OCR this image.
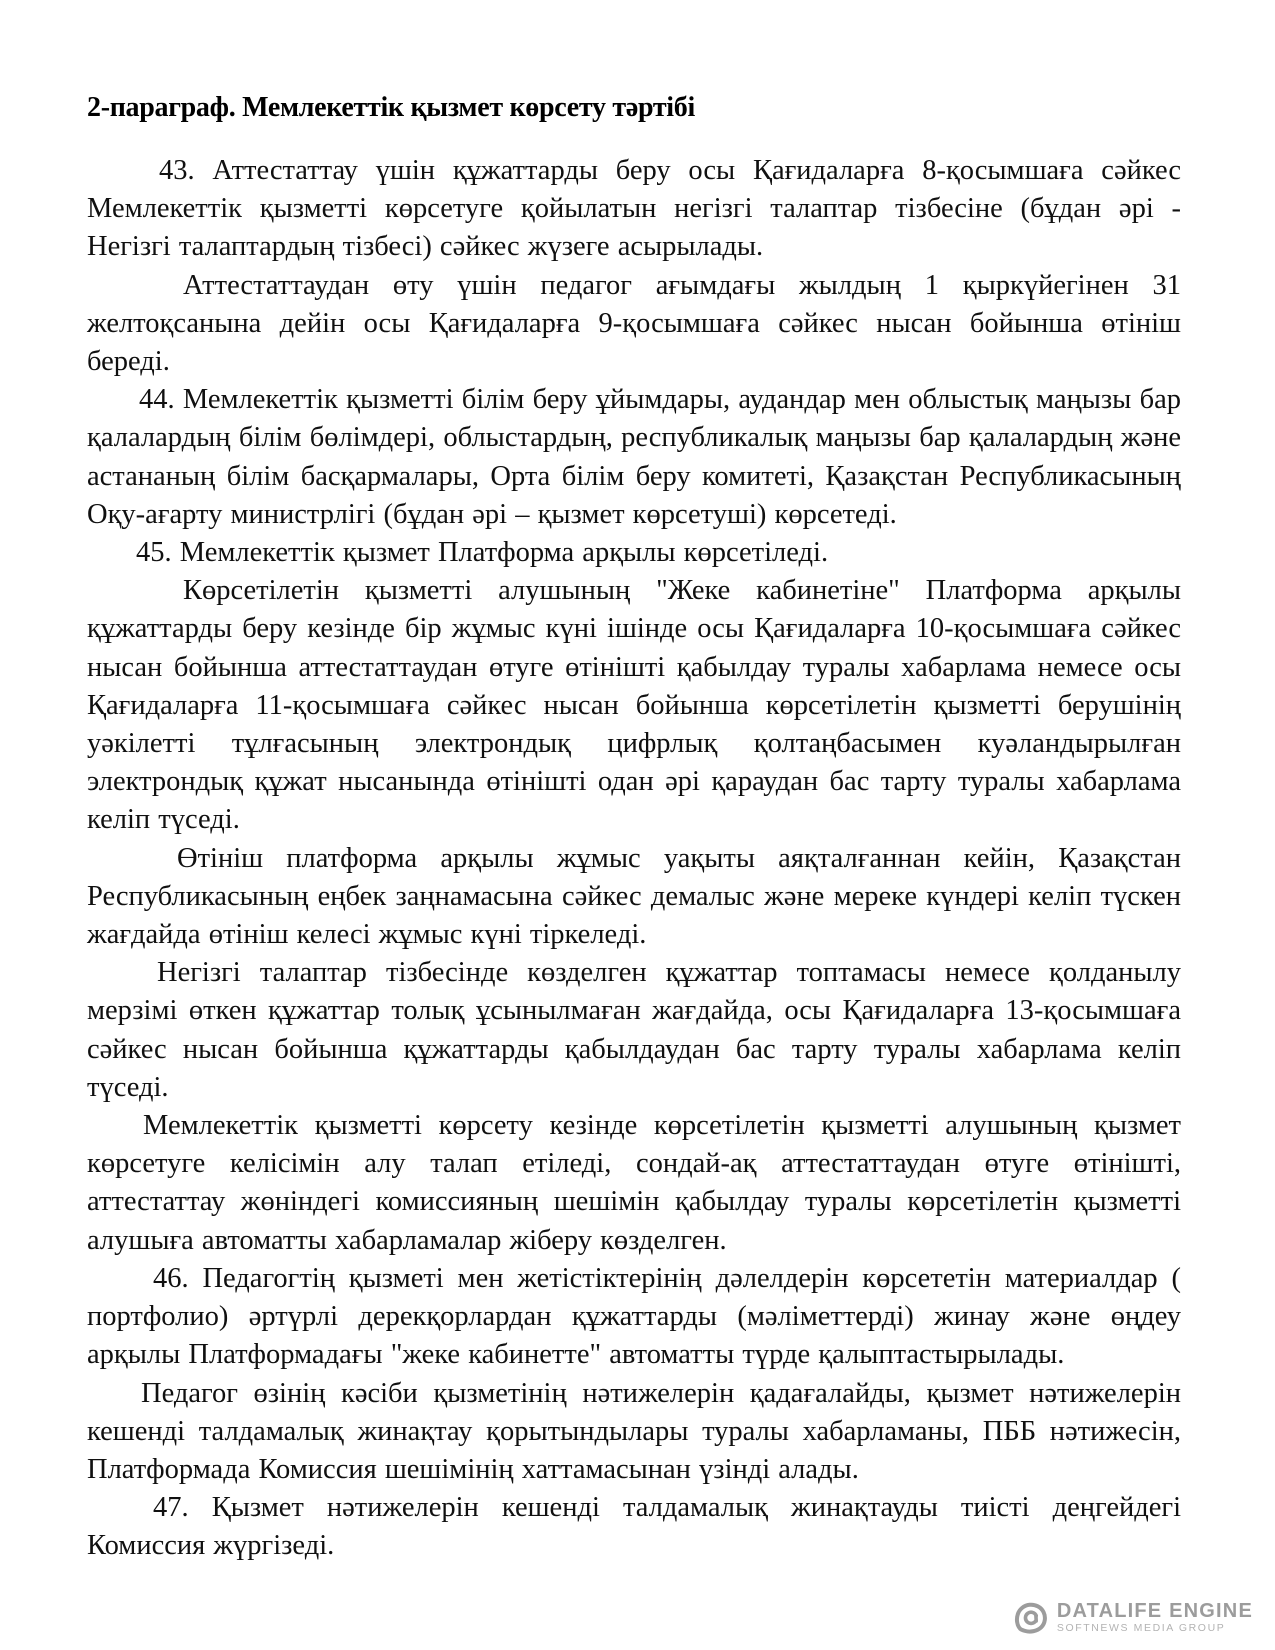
2-параграф. Мемлекеттік қызмет көрсету тәртібі

43. Аттестаттау үшін құжаттарды беру осы Қағидаларға 8-қосымшаға сәйкес Мемлекеттік қызметті көрсетуге қойылатын негізгі талаптар тізбесіне (бұдан әрі - Негізгі талаптардың тізбесі) сәйкес жүзеге асырылады.

Аттестаттаудан өту үшін педагог ағымдағы жылдың 1 қыркүйегінен 31 желтоқсанына дейін осы Қағидаларға 9-қосымшаға сәйкес нысан бойынша өтініш береді.

44. Мемлекеттік қызметті білім беру ұйымдары, аудандар мен облыстық маңызы бар қалалардың білім бөлімдері, облыстардың, республикалық маңызы бар қалалардың және астананың білім басқармалары, Орта білім беру комитеті, Қазақстан Республикасының Оқу-ағарту министрлігі (бұдан әрі – қызмет көрсетуші) көрсетеді.

45. Мемлекеттік қызмет Платформа арқылы көрсетіледі.

Көрсетілетін қызметті алушының "Жеке кабинетіне" Платформа арқылы құжаттарды беру кезінде бір жұмыс күні ішінде осы Қағидаларға 10-қосымшаға сәйкес нысан бойынша аттестаттаудан өтуге өтінішті қабылдау туралы хабарлама немесе осы Қағидаларға 11-қосымшаға сәйкес нысан бойынша көрсетілетін қызметті берушінің уәкілетті тұлғасының электрондық цифрлық қолтаңбасымен куәландырылған электрондық құжат нысанында өтінішті одан әрі қараудан бас тарту туралы хабарлама келіп түседі.

Өтініш платформа арқылы жұмыс уақыты аяқталғаннан кейін, Қазақстан Республикасының еңбек заңнамасына сәйкес демалыс және мереке күндері келіп түскен жағдайда өтініш келесі жұмыс күні тіркеледі.

Негізгі талаптар тізбесінде көзделген құжаттар топтамасы немесе қолданылу мерзімі өткен құжаттар толық ұсынылмаған жағдайда, осы Қағидаларға 13-қосымшаға сәйкес нысан бойынша құжаттарды қабылдаудан бас тарту туралы хабарлама келіп түседі.

Мемлекеттік қызметті көрсету кезінде көрсетілетін қызметті алушының қызмет көрсетуге келісімін алу талап етіледі, сондай-ақ аттестаттаудан өтуге өтінішті, аттестаттау жөніндегі комиссияның шешімін қабылдау туралы көрсетілетін қызметті алушыға автоматты хабарламалар жіберу көзделген.

46. Педагогтің қызметі мен жетістіктерінің дәлелдерін көрсететін материалдар ( портфолио) әртүрлі дерекқорлардан құжаттарды (мәліметтерді) жинау және өңдеу арқылы Платформадағы "жеке кабинетте" автоматты түрде қалыптастырылады.

Педагог өзінің кәсіби қызметінің нәтижелерін қадағалайды, қызмет нәтижелерін кешенді талдамалық жинақтау қорытындылары туралы хабарламаны, ПББ нәтижесін, Платформада Комиссия шешімінің хаттамасынан үзінді алады.

47. Қызмет нәтижелерін кешенді талдамалық жинақтауды тиісті деңгейдегі Комиссия жүргізеді.

DATALIFE ENGINE
SOFTNEWS MEDIA GROUP
